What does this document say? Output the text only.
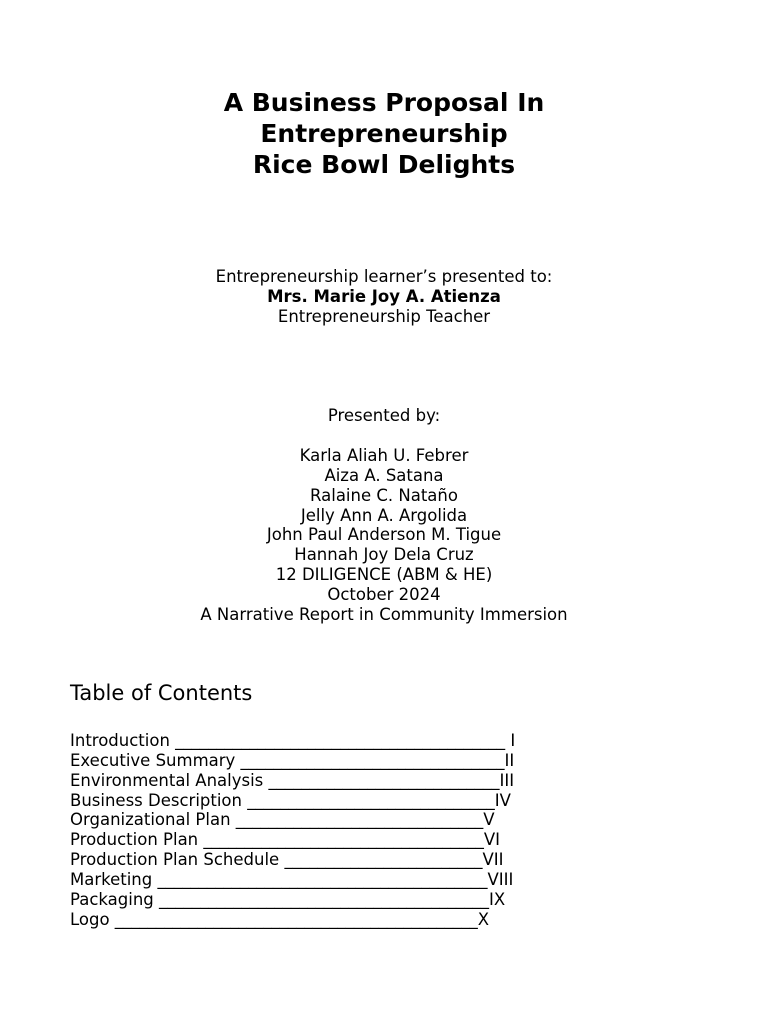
A Business Proposal In
Entrepreneurship
Rice Bowl Delights
Entrepreneurship learner’s presented to:
Mrs. Marie Joy A. Atienza
Entrepreneurship Teacher
Presented by:
Karla Aliah U. Febrer
Aiza A. Satana
Ralaine C. Nataño
Jelly Ann A. Argolida
John Paul Anderson M. Tigue
Hannah Joy Dela Cruz
12 DILIGENCE (ABM & HE)
October 2024
A Narrative Report in Community Immersion
Table of Contents
Introduction ________________________________________ I
Executive Summary ________________________________II
Environmental Analysis ____________________________III
Business Description ______________________________IV
Organizational Plan ______________________________V
Production Plan __________________________________VI
Production Plan Schedule ________________________VII
Marketing ________________________________________VIII
Packaging ________________________________________IX
Logo ____________________________________________X
